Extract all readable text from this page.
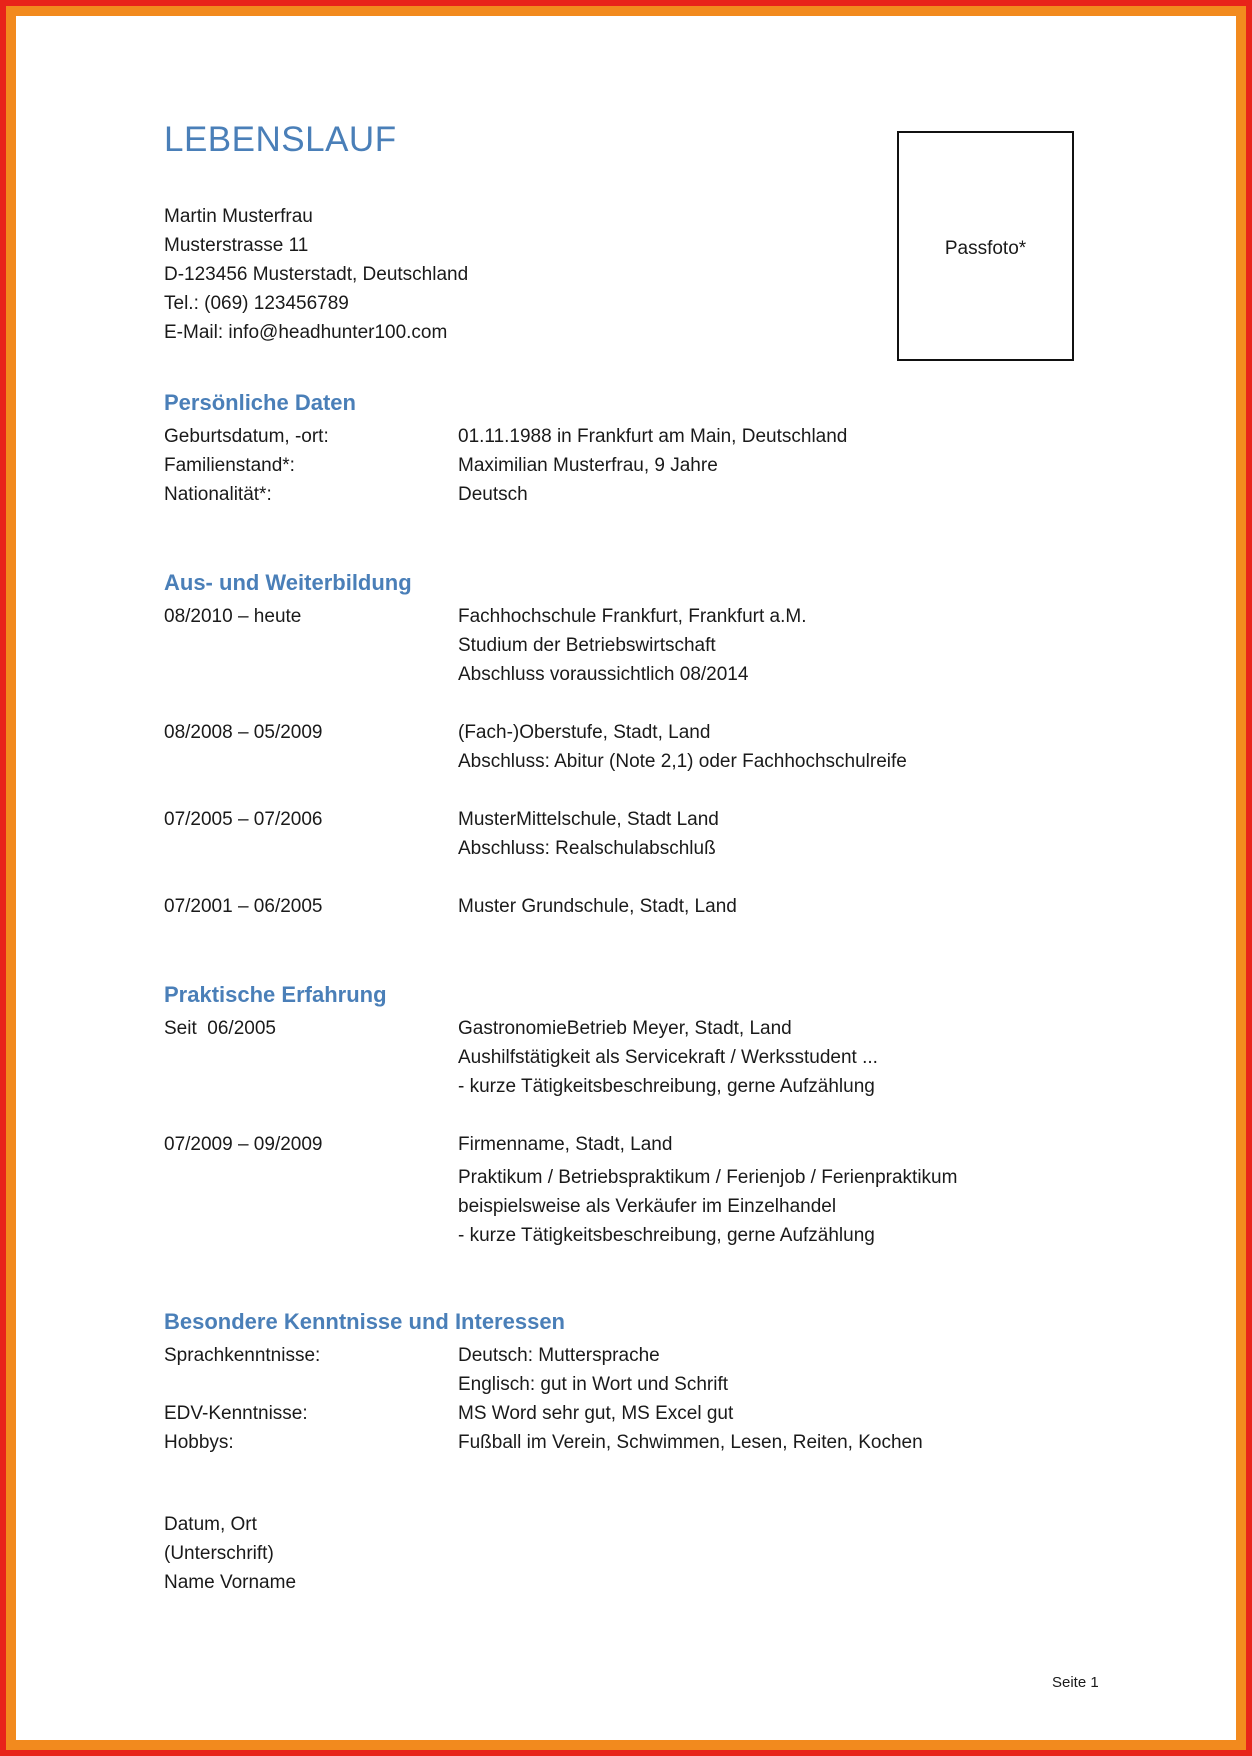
LEBENSLAUF
Martin Musterfrau
Musterstrasse 11
D-123456 Musterstadt, Deutschland
Tel.: (069) 123456789
E-Mail: info@headhunter100.com
Passfoto*
Persönliche Daten
Geburtsdatum, -ort:	01.11.1988 in Frankfurt am Main, Deutschland
Familienstand*:	Maximilian Musterfrau, 9 Jahre
Nationalität*:	Deutsch
Aus- und Weiterbildung
08/2010 – heute	Fachhochschule Frankfurt, Frankfurt a.M.
Studium der Betriebswirtschaft
Abschluss voraussichtlich 08/2014
08/2008 – 05/2009	(Fach-)Oberstufe, Stadt, Land
Abschluss: Abitur (Note 2,1) oder Fachhochschulreife
07/2005 – 07/2006	MusterMittelschule, Stadt Land
Abschluss: Realschulabschluß
07/2001 – 06/2005	Muster Grundschule, Stadt, Land
Praktische Erfahrung
Seit  06/2005	GastronomieBetrieb Meyer, Stadt, Land
Aushilfstätigkeit als Servicekraft / Werksstudent ...
- kurze Tätigkeitsbeschreibung, gerne Aufzählung
07/2009 – 09/2009	Firmenname, Stadt, Land
Praktikum / Betriebspraktikum / Ferienjob / Ferienpraktikum
beispielsweise als Verkäufer im Einzelhandel
- kurze Tätigkeitsbeschreibung, gerne Aufzählung
Besondere Kenntnisse und Interessen
Sprachkenntnisse:	Deutsch: Muttersprache
Englisch: gut in Wort und Schrift
EDV-Kenntnisse:	MS Word sehr gut, MS Excel gut
Hobbys:	Fußball im Verein, Schwimmen, Lesen, Reiten, Kochen
Datum, Ort
(Unterschrift)
Name Vorname
Seite 1
